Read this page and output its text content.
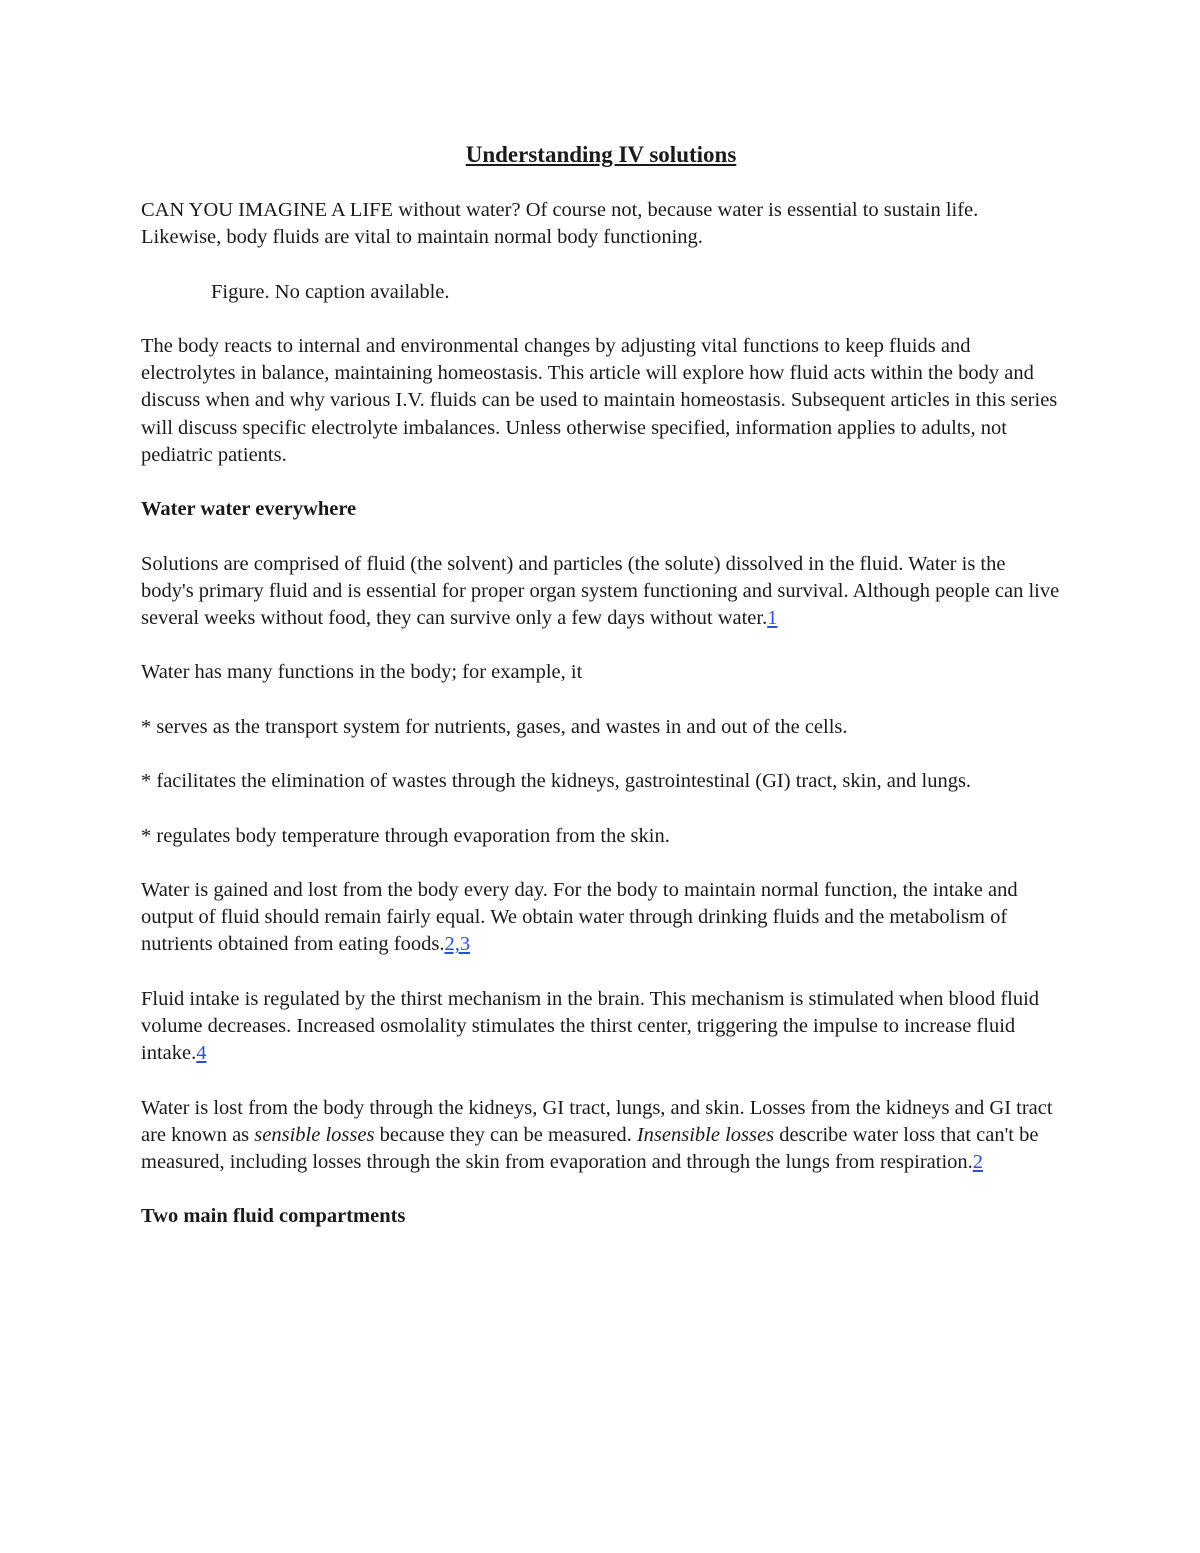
Understanding IV solutions

CAN YOU IMAGINE A LIFE without water? Of course not, because water is essential to sustain life. Likewise, body fluids are vital to maintain normal body functioning.

Figure. No caption available.

The body reacts to internal and environmental changes by adjusting vital functions to keep fluids and electrolytes in balance, maintaining homeostasis. This article will explore how fluid acts within the body and discuss when and why various I.V. fluids can be used to maintain homeostasis. Subsequent articles in this series will discuss specific electrolyte imbalances. Unless otherwise specified, information applies to adults, not pediatric patients.

Water water everywhere

Solutions are comprised of fluid (the solvent) and particles (the solute) dissolved in the fluid. Water is the body's primary fluid and is essential for proper organ system functioning and survival. Although people can live several weeks without food, they can survive only a few days without water.1

Water has many functions in the body; for example, it

* serves as the transport system for nutrients, gases, and wastes in and out of the cells.

* facilitates the elimination of wastes through the kidneys, gastrointestinal (GI) tract, skin, and lungs.

* regulates body temperature through evaporation from the skin.

Water is gained and lost from the body every day. For the body to maintain normal function, the intake and output of fluid should remain fairly equal. We obtain water through drinking fluids and the metabolism of nutrients obtained from eating foods.2,3

Fluid intake is regulated by the thirst mechanism in the brain. This mechanism is stimulated when blood fluid volume decreases. Increased osmolality stimulates the thirst center, triggering the impulse to increase fluid intake.4

Water is lost from the body through the kidneys, GI tract, lungs, and skin. Losses from the kidneys and GI tract are known as sensible losses because they can be measured. Insensible losses describe water loss that can't be measured, including losses through the skin from evaporation and through the lungs from respiration.2

Two main fluid compartments
